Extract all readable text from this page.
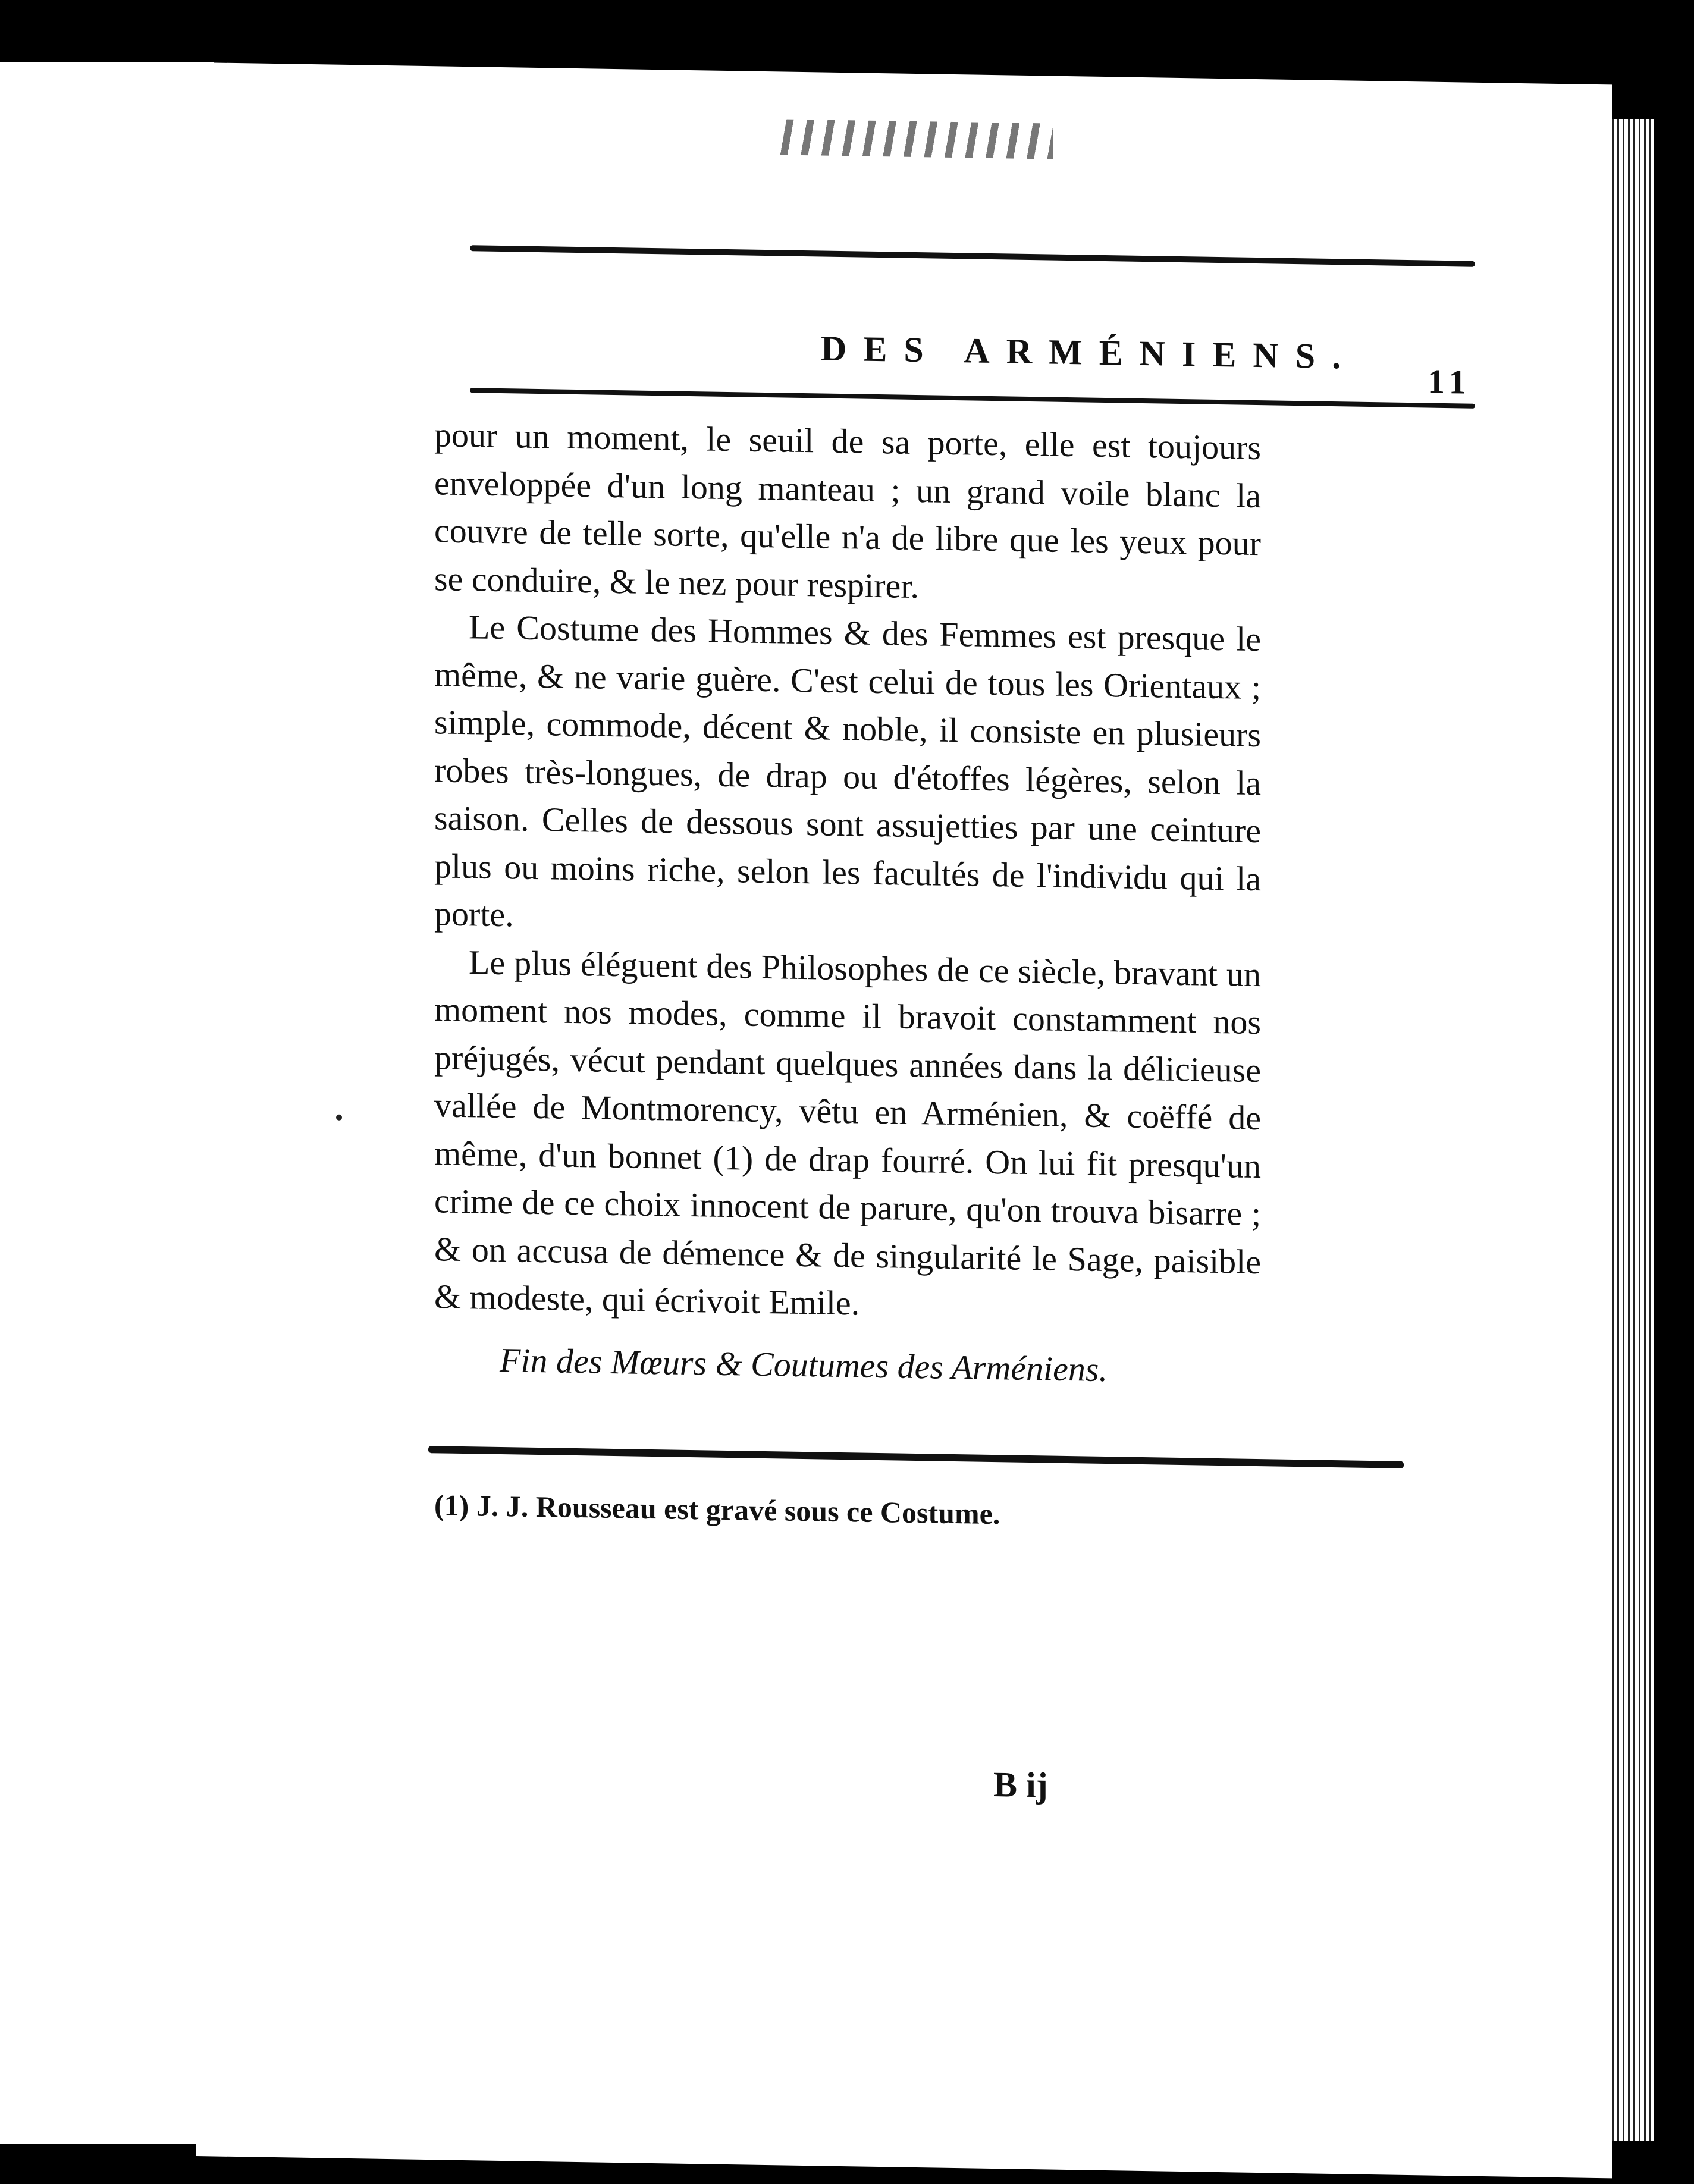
DES ARMÉNIENS.
11

pour un moment, le seuil de sa porte, elle est toujours enveloppée d'un long manteau ; un grand voile blanc la couvre de telle sorte, qu'elle n'a de libre que les yeux pour se conduire, & le nez pour respirer.

Le Costume des Hommes & des Femmes est presque le même, & ne varie guère. C'est celui de tous les Orientaux ; simple, commode, décent & noble, il consiste en plusieurs robes très-longues, de drap ou d'étoffes légères, selon la saison. Celles de dessous sont assujetties par une ceinture plus ou moins riche, selon les facultés de l'individu qui la porte.

Le plus éléguent des Philosophes de ce siècle, bravant un moment nos modes, comme il bravoit constamment nos préjugés, vécut pendant quelques années dans la délicieuse vallée de Montmorency, vêtu en Arménien, & coëffé de même, d'un bonnet (1) de drap fourré. On lui fit presqu'un crime de ce choix innocent de parure, qu'on trouva bisarre ; & on accusa de démence & de singularité le Sage, paisible & modeste, qui écrivoit Emile.

Fin des Mœurs & Coutumes des Arméniens.
(1) J. J. Rousseau est gravé sous ce Costume.
B ij
